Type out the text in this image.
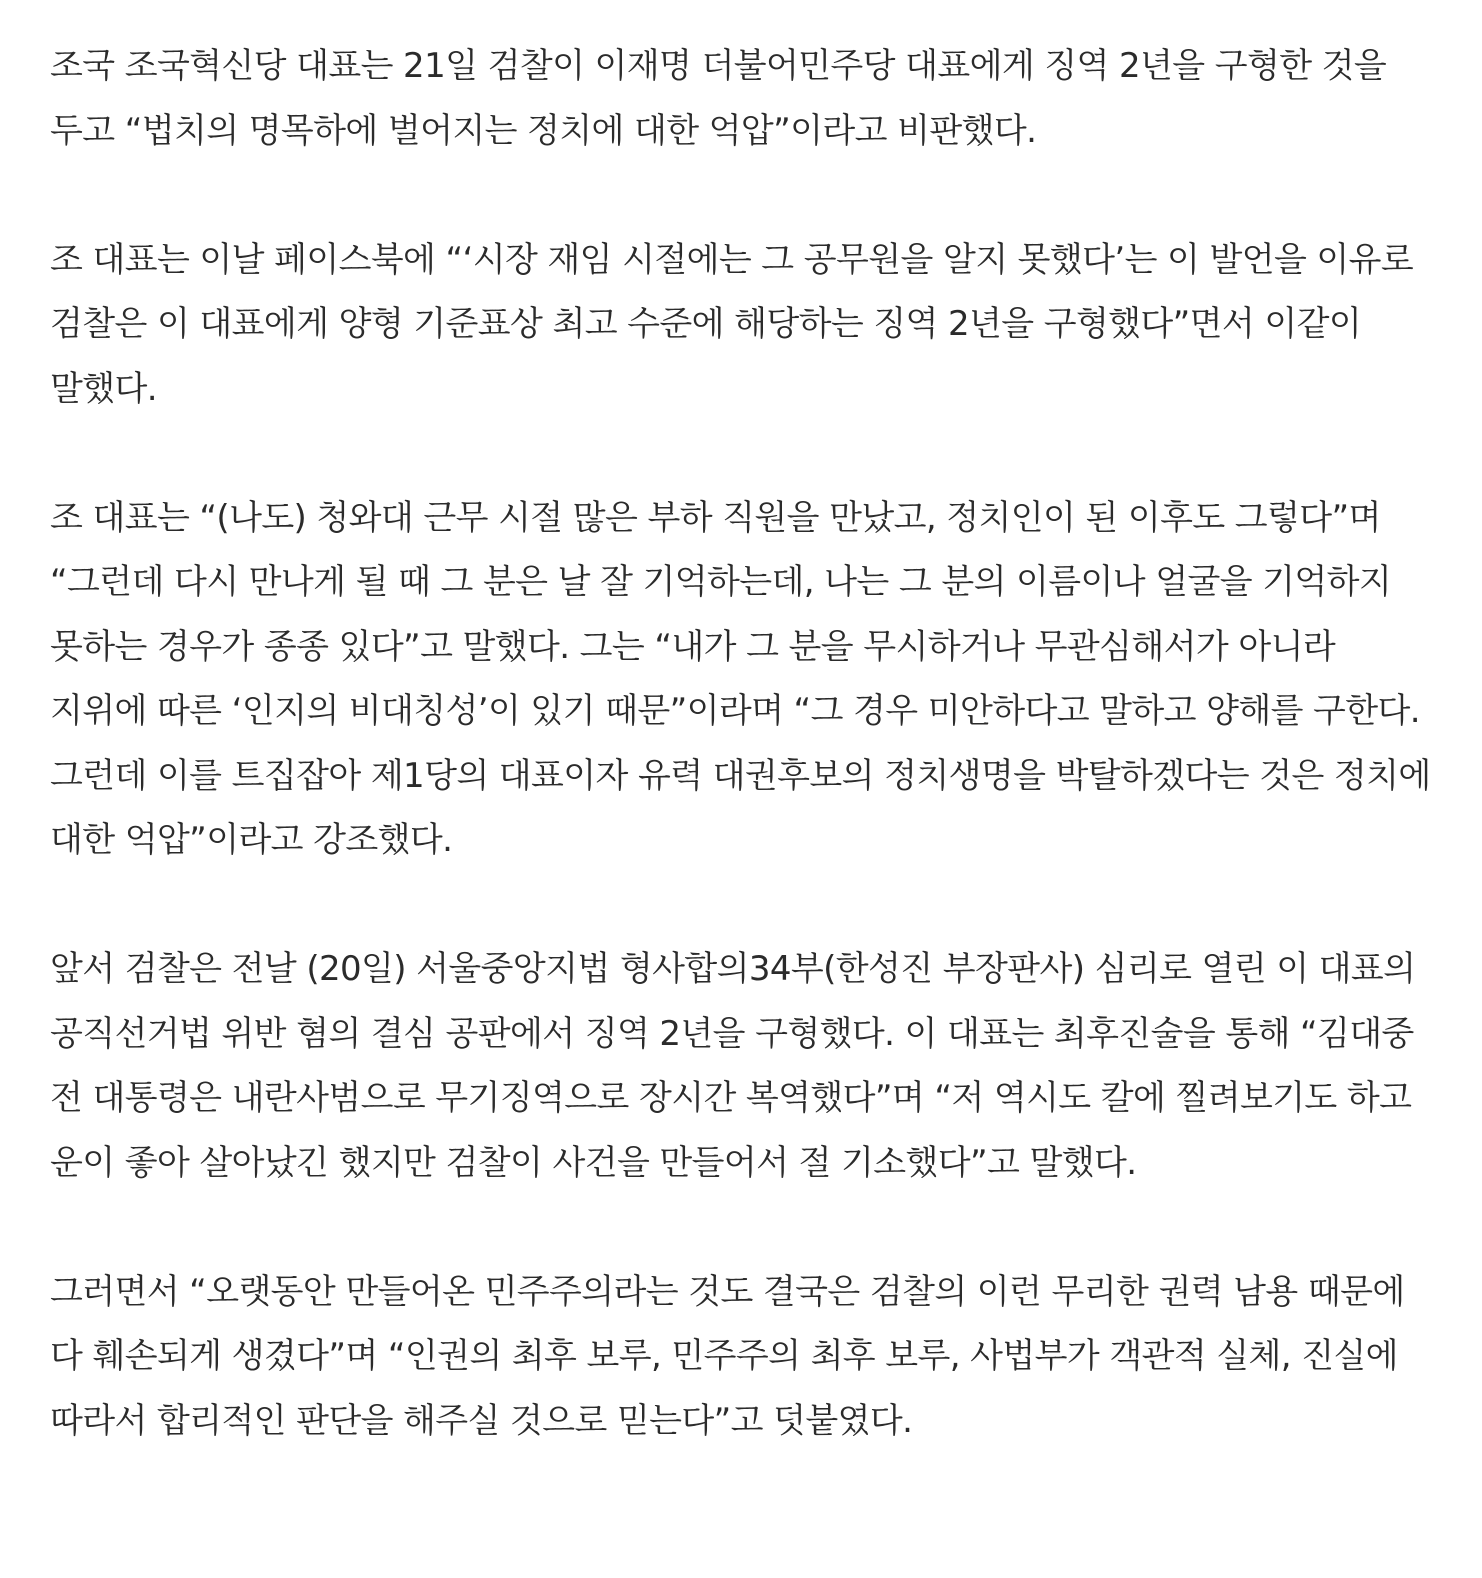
조국 조국혁신당 대표는 21일 검찰이 이재명 더불어민주당 대표에게 징역 2년을 구형한 것을 두고 “법치의 명목하에 벌어지는 정치에 대한 억압”이라고 비판했다.

조 대표는 이날 페이스북에 “‘시장 재임 시절에는 그 공무원을 알지 못했다’는 이 발언을 이유로 검찰은 이 대표에게 양형 기준표상 최고 수준에 해당하는 징역 2년을 구형했다”면서 이같이 말했다.

조 대표는 “(나도) 청와대 근무 시절 많은 부하 직원을 만났고, 정치인이 된 이후도 그렇다”며 “그런데 다시 만나게 될 때 그 분은 날 잘 기억하는데, 나는 그 분의 이름이나 얼굴을 기억하지 못하는 경우가 종종 있다”고 말했다. 그는 “내가 그 분을 무시하거나 무관심해서가 아니라 지위에 따른 ‘인지의 비대칭성’이 있기 때문”이라며 “그 경우 미안하다고 말하고 양해를 구한다. 그런데 이를 트집잡아 제1당의 대표이자 유력 대권후보의 정치생명을 박탈하겠다는 것은 정치에 대한 억압”이라고 강조했다.

앞서 검찰은 전날 (20일) 서울중앙지법 형사합의34부(한성진 부장판사) 심리로 열린 이 대표의 공직선거법 위반 혐의 결심 공판에서 징역 2년을 구형했다. 이 대표는 최후진술을 통해 “김대중 전 대통령은 내란사범으로 무기징역으로 장시간 복역했다”며 “저 역시도 칼에 찔려보기도 하고 운이 좋아 살아났긴 했지만 검찰이 사건을 만들어서 절 기소했다”고 말했다.

그러면서 “오랫동안 만들어온 민주주의라는 것도 결국은 검찰의 이런 무리한 권력 남용 때문에 다 훼손되게 생겼다”며 “인권의 최후 보루, 민주주의 최후 보루, 사법부가 객관적 실체, 진실에 따라서 합리적인 판단을 해주실 것으로 믿는다”고 덧붙였다.
